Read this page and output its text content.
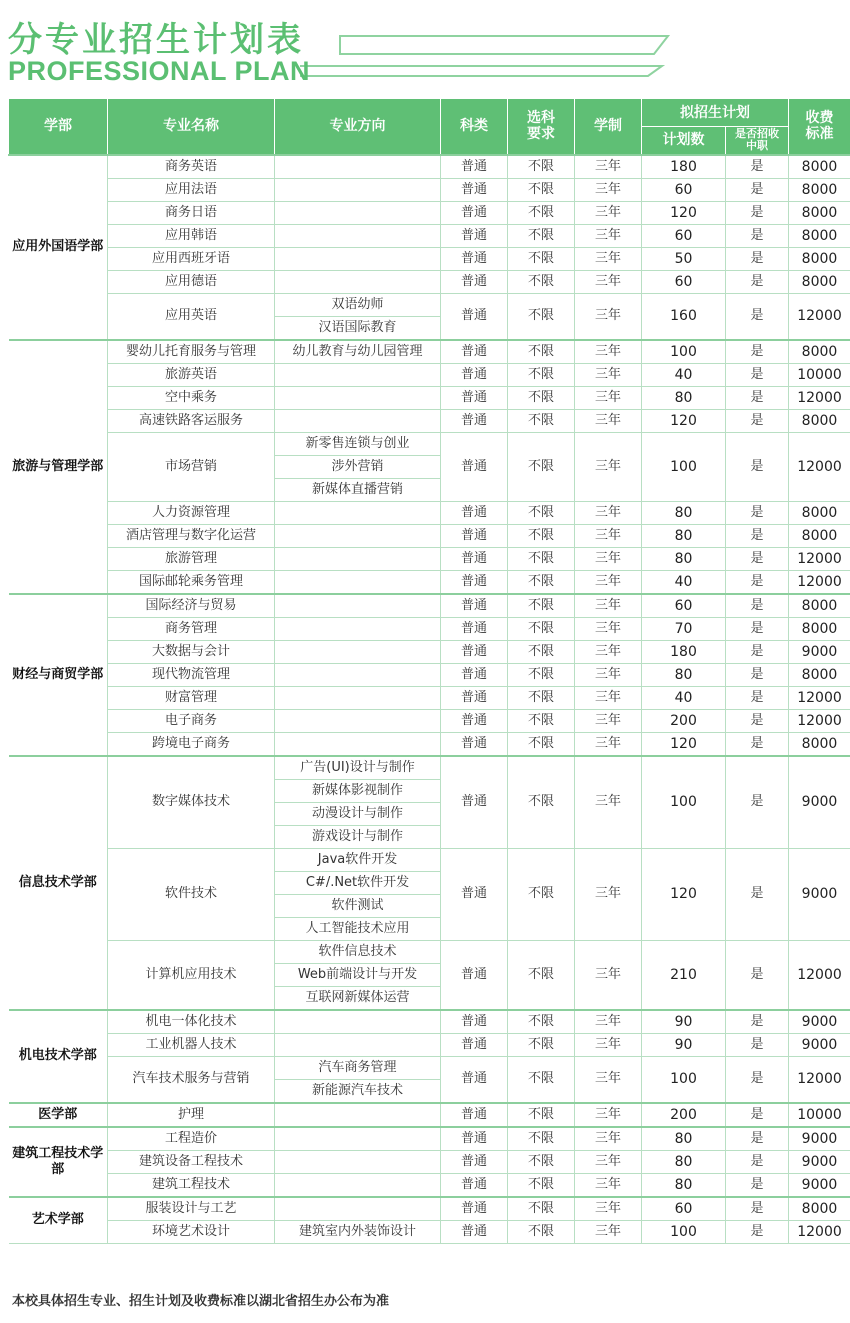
分专业招生计划表
PROFESSIONAL PLAN
学部	专业名称	专业方向	科类	选科要求	学制	拟招生计划		收费标准
						计划数	是否招收中职	
应用外国语学部	商务英语		普通	不限	三年	180	是	8000
	应用法语		普通	不限	三年	60	是	8000
	商务日语		普通	不限	三年	120	是	8000
	应用韩语		普通	不限	三年	60	是	8000
	应用西班牙语		普通	不限	三年	50	是	8000
	应用德语		普通	不限	三年	60	是	8000
	应用英语	双语幼师	普通	不限	三年	160	是	12000
		汉语国际教育						
旅游与管理学部	婴幼儿托育服务与管理	幼儿教育与幼儿园管理	普通	不限	三年	100	是	8000
	旅游英语		普通	不限	三年	40	是	10000
	空中乘务		普通	不限	三年	80	是	12000
	高速铁路客运服务		普通	不限	三年	120	是	8000
	市场营销	新零售连锁与创业	普通	不限	三年	100	是	12000
		涉外营销						
		新媒体直播营销						
	人力资源管理		普通	不限	三年	80	是	8000
	酒店管理与数字化运营		普通	不限	三年	80	是	8000
	旅游管理		普通	不限	三年	80	是	12000
	国际邮轮乘务管理		普通	不限	三年	40	是	12000
财经与商贸学部	国际经济与贸易		普通	不限	三年	60	是	8000
	商务管理		普通	不限	三年	70	是	8000
	大数据与会计		普通	不限	三年	180	是	9000
	现代物流管理		普通	不限	三年	80	是	8000
	财富管理		普通	不限	三年	40	是	12000
	电子商务		普通	不限	三年	200	是	12000
	跨境电子商务		普通	不限	三年	120	是	8000
信息技术学部	数字媒体技术	广告(UI)设计与制作	普通	不限	三年	100	是	9000
		新媒体影视制作						
		动漫设计与制作						
		游戏设计与制作						
	软件技术	Java软件开发	普通	不限	三年	120	是	9000
		C#/.Net软件开发						
		软件测试						
		人工智能技术应用						
	计算机应用技术	软件信息技术	普通	不限	三年	210	是	12000
		Web前端设计与开发						
		互联网新媒体运营						
机电技术学部	机电一体化技术		普通	不限	三年	90	是	9000
	工业机器人技术		普通	不限	三年	90	是	9000
	汽车技术服务与营销	汽车商务管理	普通	不限	三年	100	是	12000
		新能源汽车技术						
医学部	护理		普通	不限	三年	200	是	10000
建筑工程技术学部	工程造价		普通	不限	三年	80	是	9000
	建筑设备工程技术		普通	不限	三年	80	是	9000
	建筑工程技术		普通	不限	三年	80	是	9000
艺术学部	服装设计与工艺		普通	不限	三年	60	是	8000
	环境艺术设计	建筑室内外装饰设计	普通	不限	三年	100	是	12000
本校具体招生专业、招生计划及收费标准以湖北省招生办公布为准
